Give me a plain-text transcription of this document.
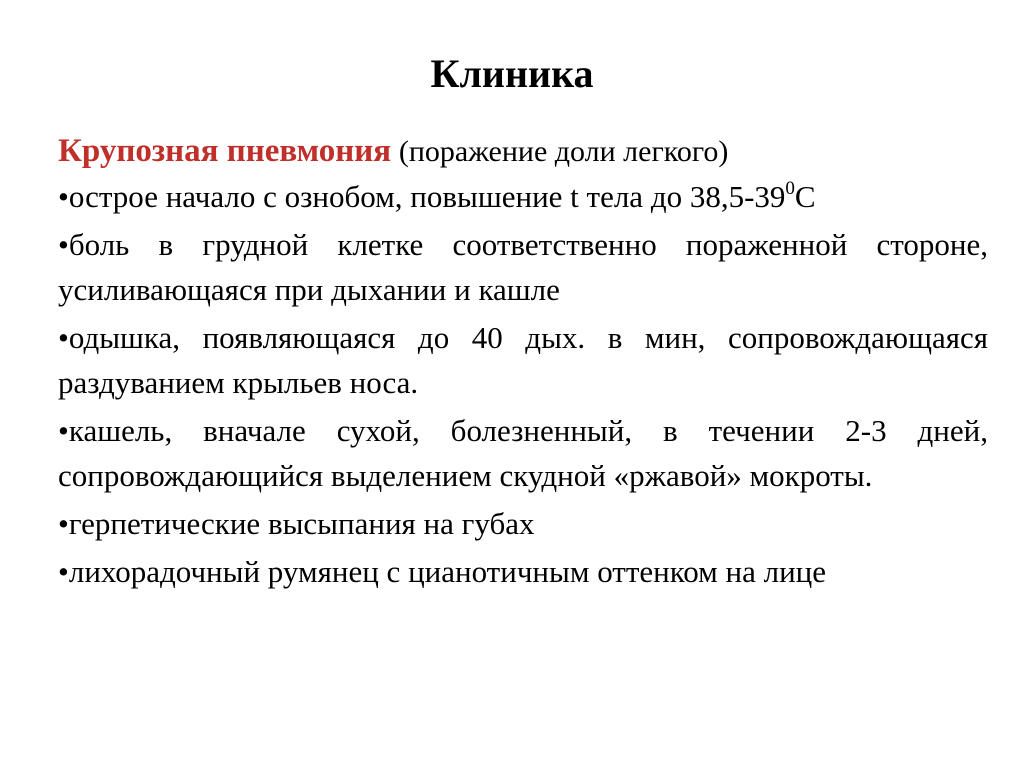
Клиника
Крупозная пневмония (поражение доли легкого)
•острое начало с ознобом, повышение t тела до $38,5-39^0С$
•боль в грудной клетке соответственно пораженной стороне, усиливающаяся при дыхании и кашле
•одышка, появляющаяся до 40 дых. в мин, сопровождающаяся раздуванием крыльев носа.
•кашель, вначале сухой, болезненный, в течении 2-3 дней, сопровождающийся выделением скудной «ржавой» мокроты.
•герпетические высыпания на губах
•лихорадочный румянец с цианотичным оттенком на лице
